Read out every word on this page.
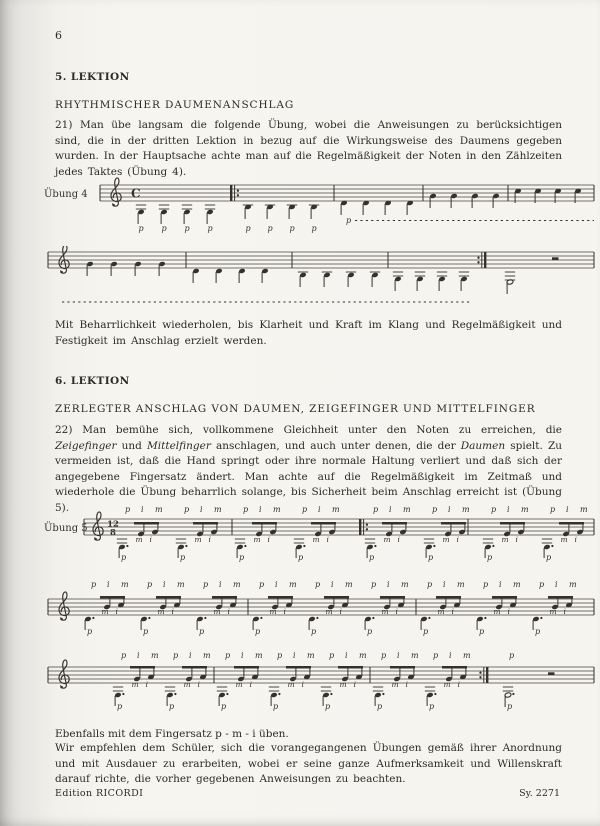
6
5. LEKTION
RHYTHMISCHER DAUMENANSCHLAG

21) Man übe langsam die folgende Übung, wobei die Anweisungen zu berücksichtigen sind, die in der dritten Lektion in bezug auf die Wirkungsweise des Daumens gegeben wurden. In der Hauptsache achte man auf die Regelmäßigkeit der Noten in den Zählzeiten jedes Taktes (Übung 4).

Übung 4	C
p p p p	p p p p
p

Mit Beharrlichkeit wiederholen, bis Klarheit und Kraft im Klang und Regelmäßigkeit und Festigkeit im Anschlag erzielt werden.

6. LEKTION
ZERLEGTER ANSCHLAG VON DAUMEN, ZEIGEFINGER UND MITTELFINGER

22) Man bemühe sich, vollkommene Gleichheit unter den Noten zu erreichen, die Zeigefinger und Mittelfinger anschlagen, und auch unter denen, die der Daumen spielt. Zu vermeiden ist, daß die Hand springt oder ihre normale Haltung verliert und daß sich der angegebene Fingersatz ändert. Man achte auf die Regelmäßigkeit im Zeitmaß und wiederhole die Übung beharrlich solange, bis Sicherheit beim Anschlag erreicht ist (Übung 5).

Übung 5 12
8
p
p i m
m i
p
p i m
m i
p
p i m
m i
p
p i m
m i
p
p i m
m i
p
p i m
m i
p
p i m
m i
p
p i m
m i
p
p i m
m i
p
p i m
m i
p
p i m
m i
p
p i m
m i
p
p i m
m i
p
p i m
m i
p
p i m
m i
p
p i m
m i
p
p i m
m i
p
p i m
m i
p
p i m
m i
p
p i m
m i
p
p i m
m i
p
p i m
m i
p
p i m
m i
p
p i m
m i
p
p

Ebenfalls mit dem Fingersatz p - m - i üben.

Wir empfehlen dem Schüler, sich die vorangegangenen Übungen gemäß ihrer Anordnung und mit Ausdauer zu erarbeiten, wobei er seine ganze Aufmerksamkeit und Willenskraft darauf richte, die vorher gegebenen Anweisungen zu beachten.

Edition RICORDI	Sy. 2271
